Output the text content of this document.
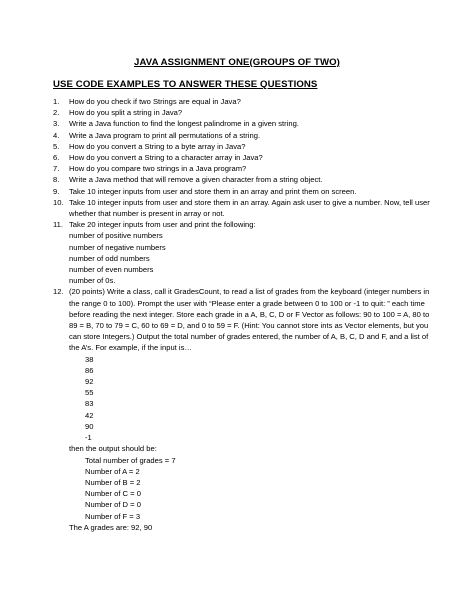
JAVA ASSIGNMENT ONE(GROUPS OF TWO)
USE CODE EXAMPLES TO ANSWER THESE QUESTIONS
1.	How do you check if two Strings are equal in Java?
2.	How do you split a string in Java?
3.	Write a Java function to find the longest palindrome in a given string.
4.	Write a Java program to print all permutations of a string.
5.	How do you convert a String to a byte array in Java?
6.	How do you convert a String to a character array in Java?
7.	How do you compare two strings in a Java program?
8.	Write a Java method that will remove a given character from a string object.
9.	Take 10 integer inputs from user and store them in an array and print them on screen.
10. Take 10 integer inputs from user and store them in an array. Again ask user to give a number. Now, tell user whether that number is present in array or not.
11. Take 20 integer inputs from user and print the following:
number of positive numbers
number of negative numbers
number of odd numbers
number of even numbers
number of 0s.
12. (20 points) Write a class, call it GradesCount, to read a list of grades from the keyboard (integer numbers in the range 0 to 100). Prompt the user with “Please enter a grade between 0 to 100 or -1 to quit: ” each time before reading the next integer. Store each grade in a A, B, C, D or F Vector as follows: 90 to 100 = A, 80 to 89 = B, 70 to 79 = C, 60 to 69 = D, and 0 to 59 = F. (Hint: You cannot store ints as Vector elements, but you can store Integers.) Output the total number of grades entered, the number of A, B, C, D and F, and a list of the A’s. For example, if the input is…
38
86
92
55
83
42
90
-1
then the output should be:
Total number of grades = 7
Number of A = 2
Number of B = 2
Number of C = 0
Number of D = 0
Number of F = 3
The A grades are: 92, 90
